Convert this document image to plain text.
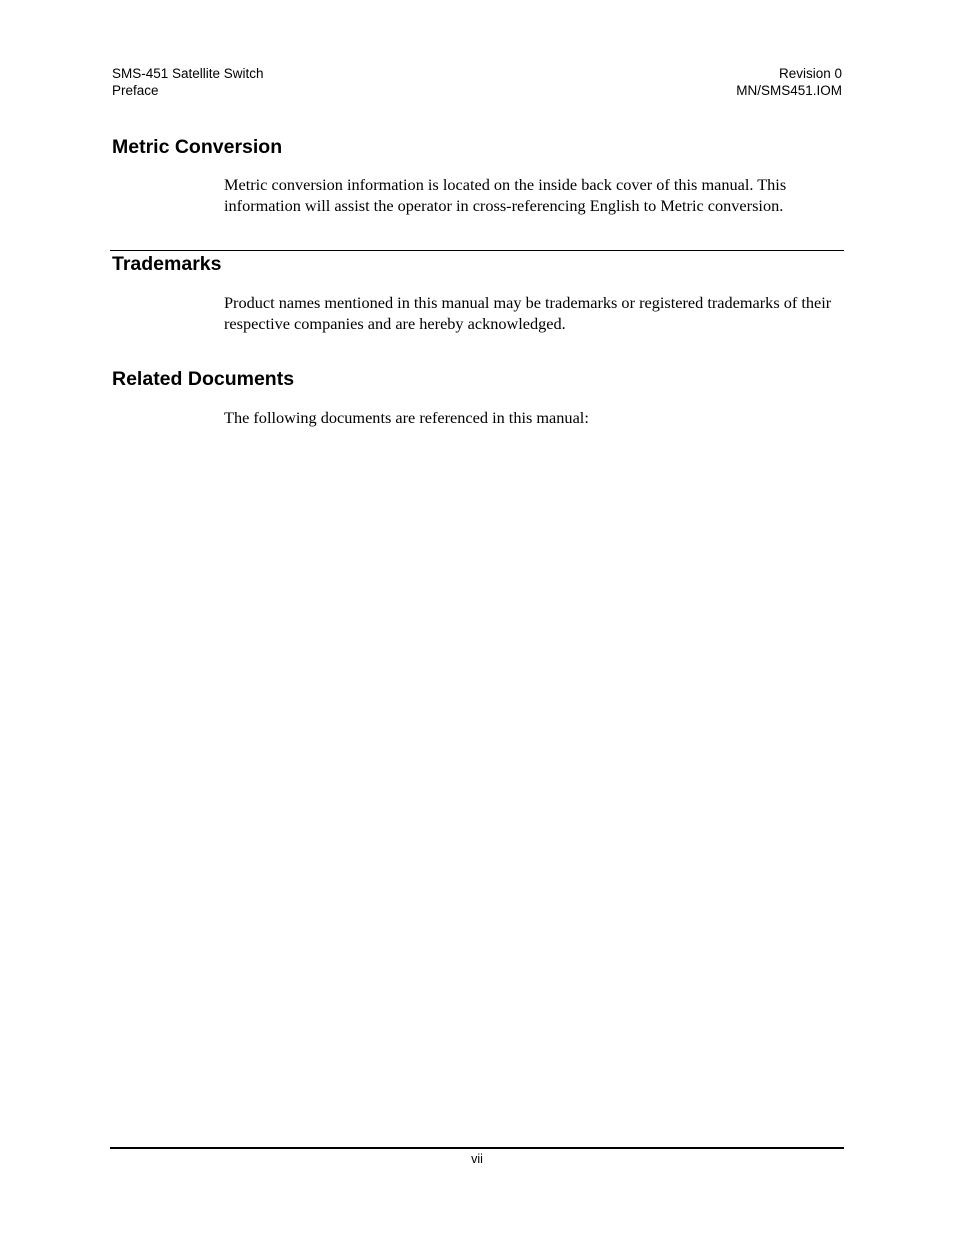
SMS-451 Satellite Switch
Preface
Revision 0
MN/SMS451.IOM
Metric Conversion

Metric conversion information is located on the inside back cover of this manual. This information will assist the operator in cross-referencing English to Metric conversion.

Trademarks

Product names mentioned in this manual may be trademarks or registered trademarks of their respective companies and are hereby acknowledged.

Related Documents

The following documents are referenced in this manual:

vii
